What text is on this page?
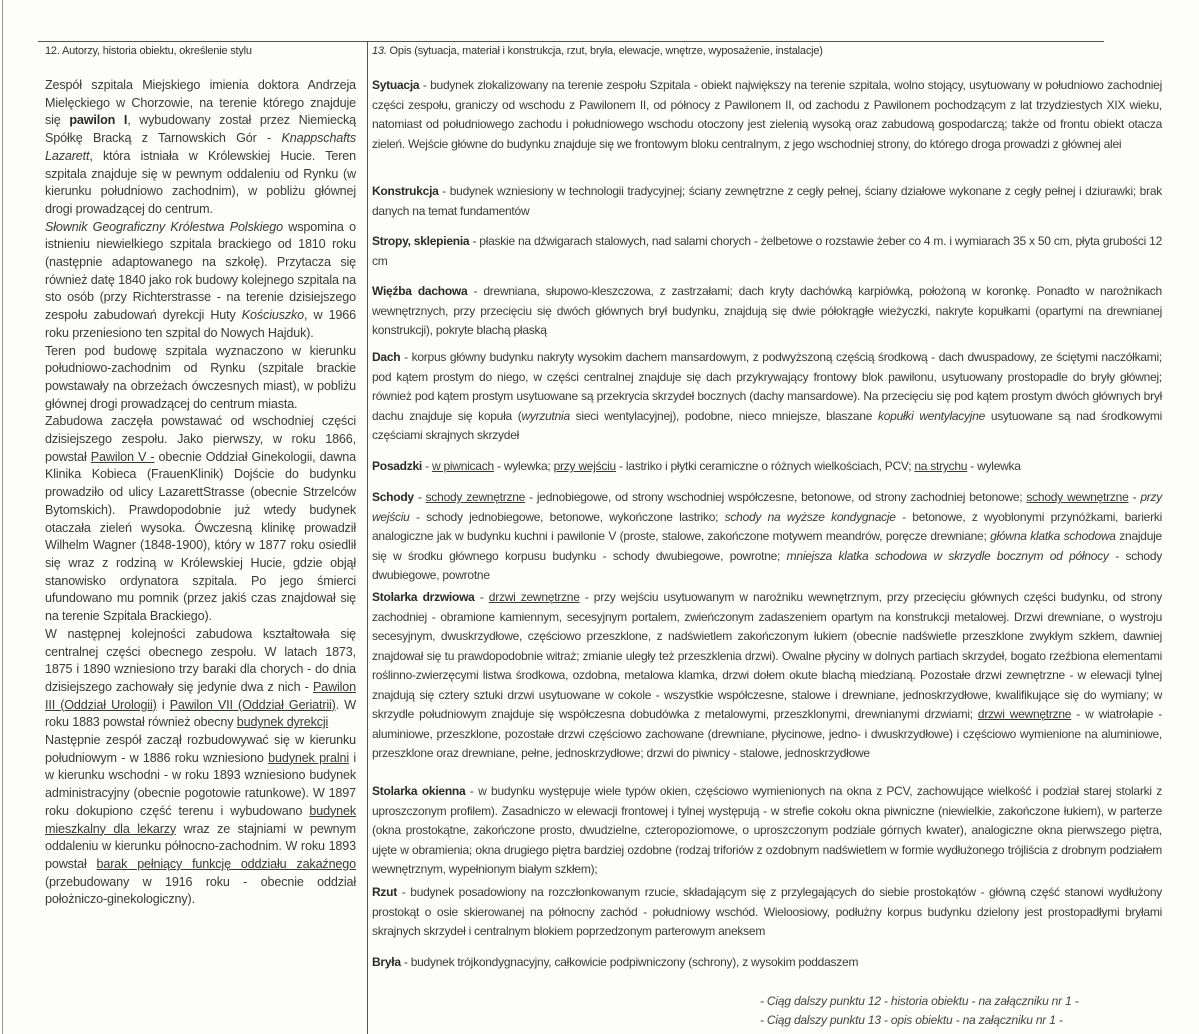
12. Autorzy, historia obiektu, określenie stylu

Zespół szpitala Miejskiego imienia doktora Andrzeja Mielęckiego w Chorzowie, na terenie którego znajduje się pawilon I, wybudowany został przez Niemiecką Spółkę Bracką z Tarnowskich Gór - Knappschafts Lazarett, która istniała w Królewskiej Hucie. Teren szpitala znajduje się w pewnym oddaleniu od Rynku (w kierunku południowo zachodnim), w pobliżu głównej drogi prowadzącej do centrum.

Słownik Geograficzny Królestwa Polskiego wspomina o istnieniu niewielkiego szpitala brackiego od 1810 roku (następnie adaptowanego na szkołę). Przytacza się również datę 1840 jako rok budowy kolejnego szpitala na sto osób (przy Richterstrasse - na terenie dzisiejszego zespołu zabudowań dyrekcji Huty Kościuszko, w 1966 roku przeniesiono ten szpital do Nowych Hajduk).

Teren pod budowę szpitala wyznaczono w kierunku południowo-zachodnim od Rynku (szpitale brackie powstawały na obrzeżach ówczesnych miast), w pobliżu głównej drogi prowadzącej do centrum miasta.

Zabudowa zaczęła powstawać od wschodniej części dzisiejszego zespołu. Jako pierwszy, w roku 1866, powstał Pawilon V - obecnie Oddział Ginekologii, dawna Klinika Kobieca (FrauenKlinik) Dojście do budynku prowadziło od ulicy LazarettStrasse (obecnie Strzelców Bytomskich). Prawdopodobnie już wtedy budynek otaczała zieleń wysoka. Ówczesną klinikę prowadził Wilhelm Wagner (1848-1900), który w 1877 roku osiedlił się wraz z rodziną w Królewskiej Hucie, gdzie objął stanowisko ordynatora szpitala. Po jego śmierci ufundowano mu pomnik (przez jakiś czas znajdował się na terenie Szpitala Brackiego).

W następnej kolejności zabudowa kształtowała się centralnej części obecnego zespołu. W latach 1873, 1875 i 1890 wzniesiono trzy baraki dla chorych - do dnia dzisiejszego zachowały się jedynie dwa z nich - Pawilon III (Oddział Urologii) i Pawilon VII (Oddział Geriatrii). W roku 1883 powstał również obecny budynek dyrekcji

Następnie zespół zaczął rozbudowywać się w kierunku południowym - w 1886 roku wzniesiono budynek pralni i w kierunku wschodni - w roku 1893 wzniesiono budynek administracyjny (obecnie pogotowie ratunkowe). W 1897 roku dokupiono część terenu i wybudowano budynek mieszkalny dla lekarzy wraz ze stajniami w pewnym oddaleniu w kierunku północno-zachodnim. W roku 1893 powstał barak pełniący funkcję oddziału zakaźnego (przebudowany w 1916 roku - obecnie oddział położniczo-ginekologiczny).

13. Opis (sytuacja, materiał i konstrukcja, rzut, bryła, elewacje, wnętrze, wyposażenie, instalacje)

Sytuacja - budynek zlokalizowany na terenie zespołu Szpitala - obiekt największy na terenie szpitala, wolno stojący, usytuowany w południowo zachodniej części zespołu, graniczy od wschodu z Pawilonem II, od północy z Pawilonem II, od zachodu z Pawilonem pochodzącym z lat trzydziestych XIX wieku, natomiast od południowego zachodu i południowego wschodu otoczony jest zielenią wysoką oraz zabudową gospodarczą; także od frontu obiekt otacza zieleń. Wejście główne do budynku znajduje się we frontowym bloku centralnym, z jego wschodniej strony, do którego droga prowadzi z głównej alei

Konstrukcja - budynek wzniesiony w technologii tradycyjnej; ściany zewnętrzne z cegły pełnej, ściany działowe wykonane z cegły pełnej i dziurawki; brak danych na temat fundamentów

Stropy, sklepienia - płaskie na dźwigarach stalowych, nad salami chorych - żelbetowe o rozstawie żeber co 4 m. i wymiarach 35 x 50 cm, płyta grubości 12 cm

Więźba dachowa - drewniana, słupowo-kleszczowa, z zastrzałami; dach kryty dachówką karpiówką, położoną w koronkę. Ponadto w narożnikach wewnętrznych, przy przecięciu się dwóch głównych brył budynku, znajdują się dwie półokrągłe wieżyczki, nakryte kopułkami (opartymi na drewnianej konstrukcji), pokryte blachą płaską

Dach - korpus główny budynku nakryty wysokim dachem mansardowym, z podwyższoną częścią środkową - dach dwuspadowy, ze ściętymi naczółkami; pod kątem prostym do niego, w części centralnej znajduje się dach przykrywający frontowy blok pawilonu, usytuowany prostopadle do bryły głównej; również pod kątem prostym usytuowane są przekrycia skrzydeł bocznych (dachy mansardowe). Na przecięciu się pod kątem prostym dwóch głównych brył dachu znajduje się kopuła (wyrzutnia sieci wentylacyjnej), podobne, nieco mniejsze, blaszane kopułki wentylacyjne usytuowane są nad środkowymi częściami skrajnych skrzydeł

Posadzki - w piwnicach - wylewka; przy wejściu - lastriko i płytki ceramiczne o różnych wielkościach, PCV; na strychu - wylewka

Schody - schody zewnętrzne - jednobiegowe, od strony wschodniej współczesne, betonowe, od strony zachodniej betonowe; schody wewnętrzne - przy wejściu - schody jednobiegowe, betonowe, wykończone lastriko; schody na wyższe kondygnacje - betonowe, z wyoblonymi przynóżkami, barierki analogiczne jak w budynku kuchni i pawilonie V (proste, stalowe, zakończone motywem meandrów, poręcze drewniane; główna klatka schodowa znajduje się w środku głównego korpusu budynku - schody dwubiegowe, powrotne; mniejsza klatka schodowa w skrzydle bocznym od północy - schody dwubiegowe, powrotne

Stolarka drzwiowa - drzwi zewnętrzne - przy wejściu usytuowanym w narożniku wewnętrznym, przy przecięciu głównych części budynku, od strony zachodniej - obramione kamiennym, secesyjnym portalem, zwieńczonym zadaszeniem opartym na konstrukcji metalowej. Drzwi drewniane, o wystroju secesyjnym, dwuskrzydłowe, częściowo przeszklone, z nadświetlem zakończonym łukiem (obecnie nadświetle przeszklone zwykłym szkłem, dawniej znajdował się tu prawdopodobnie witraż; zmianie uległy też przeszklenia drzwi). Owalne płyciny w dolnych partiach skrzydeł, bogato rzeźbiona elementami roślinno-zwierzęcymi listwa środkowa, ozdobna, metalowa klamka, drzwi dołem okute blachą miedzianą. Pozostałe drzwi zewnętrzne - w elewacji tylnej znajdują się cztery sztuki drzwi usytuowane w cokole - wszystkie współczesne, stalowe i drewniane, jednoskrzydłowe, kwalifikujące się do wymiany; w skrzydle południowym znajduje się współczesna dobudówka z metalowymi, przeszklonymi, drewnianymi drzwiami; drzwi wewnętrzne - w wiatrołapie - aluminiowe, przeszklone, pozostałe drzwi częściowo zachowane (drewniane, płycinowe, jedno- i dwuskrzydłowe) i częściowo wymienione na aluminiowe, przeszklone oraz drewniane, pełne, jednoskrzydłowe; drzwi do piwnicy - stalowe, jednoskrzydłowe

Stolarka okienna - w budynku występuje wiele typów okien, częściowo wymienionych na okna z PCV, zachowujące wielkość i podział starej stolarki z uproszczonym profilem). Zasadniczo w elewacji frontowej i tylnej występują - w strefie cokołu okna piwniczne (niewielkie, zakończone łukiem), w parterze (okna prostokątne, zakończone prosto, dwudzielne, czteropoziomowe, o uproszczonym podziale górnych kwater), analogiczne okna pierwszego piętra, ujęte w obramienia; okna drugiego piętra bardziej ozdobne (rodzaj triforiów z ozdobnym nadświetlem w formie wydłużonego trójliścia z drobnym podziałem wewnętrznym, wypełnionym białym szkłem);

Rzut - budynek posadowiony na rozczłonkowanym rzucie, składającym się z przylegających do siebie prostokątów - główną część stanowi wydłużony prostokąt o osie skierowanej na północny zachód - południowy wschód. Wieloosiowy, podłużny korpus budynku dzielony jest prostopadłymi bryłami skrajnych skrzydeł i centralnym blokiem poprzedzonym parterowym aneksem

Bryła - budynek trójkondygnacyjny, całkowicie podpiwniczony (schrony), z wysokim poddaszem

- Ciąg dalszy punktu 12 - historia obiektu - na załączniku nr 1 -
- Ciąg dalszy punktu 13 - opis obiektu - na załączniku nr 1 -
